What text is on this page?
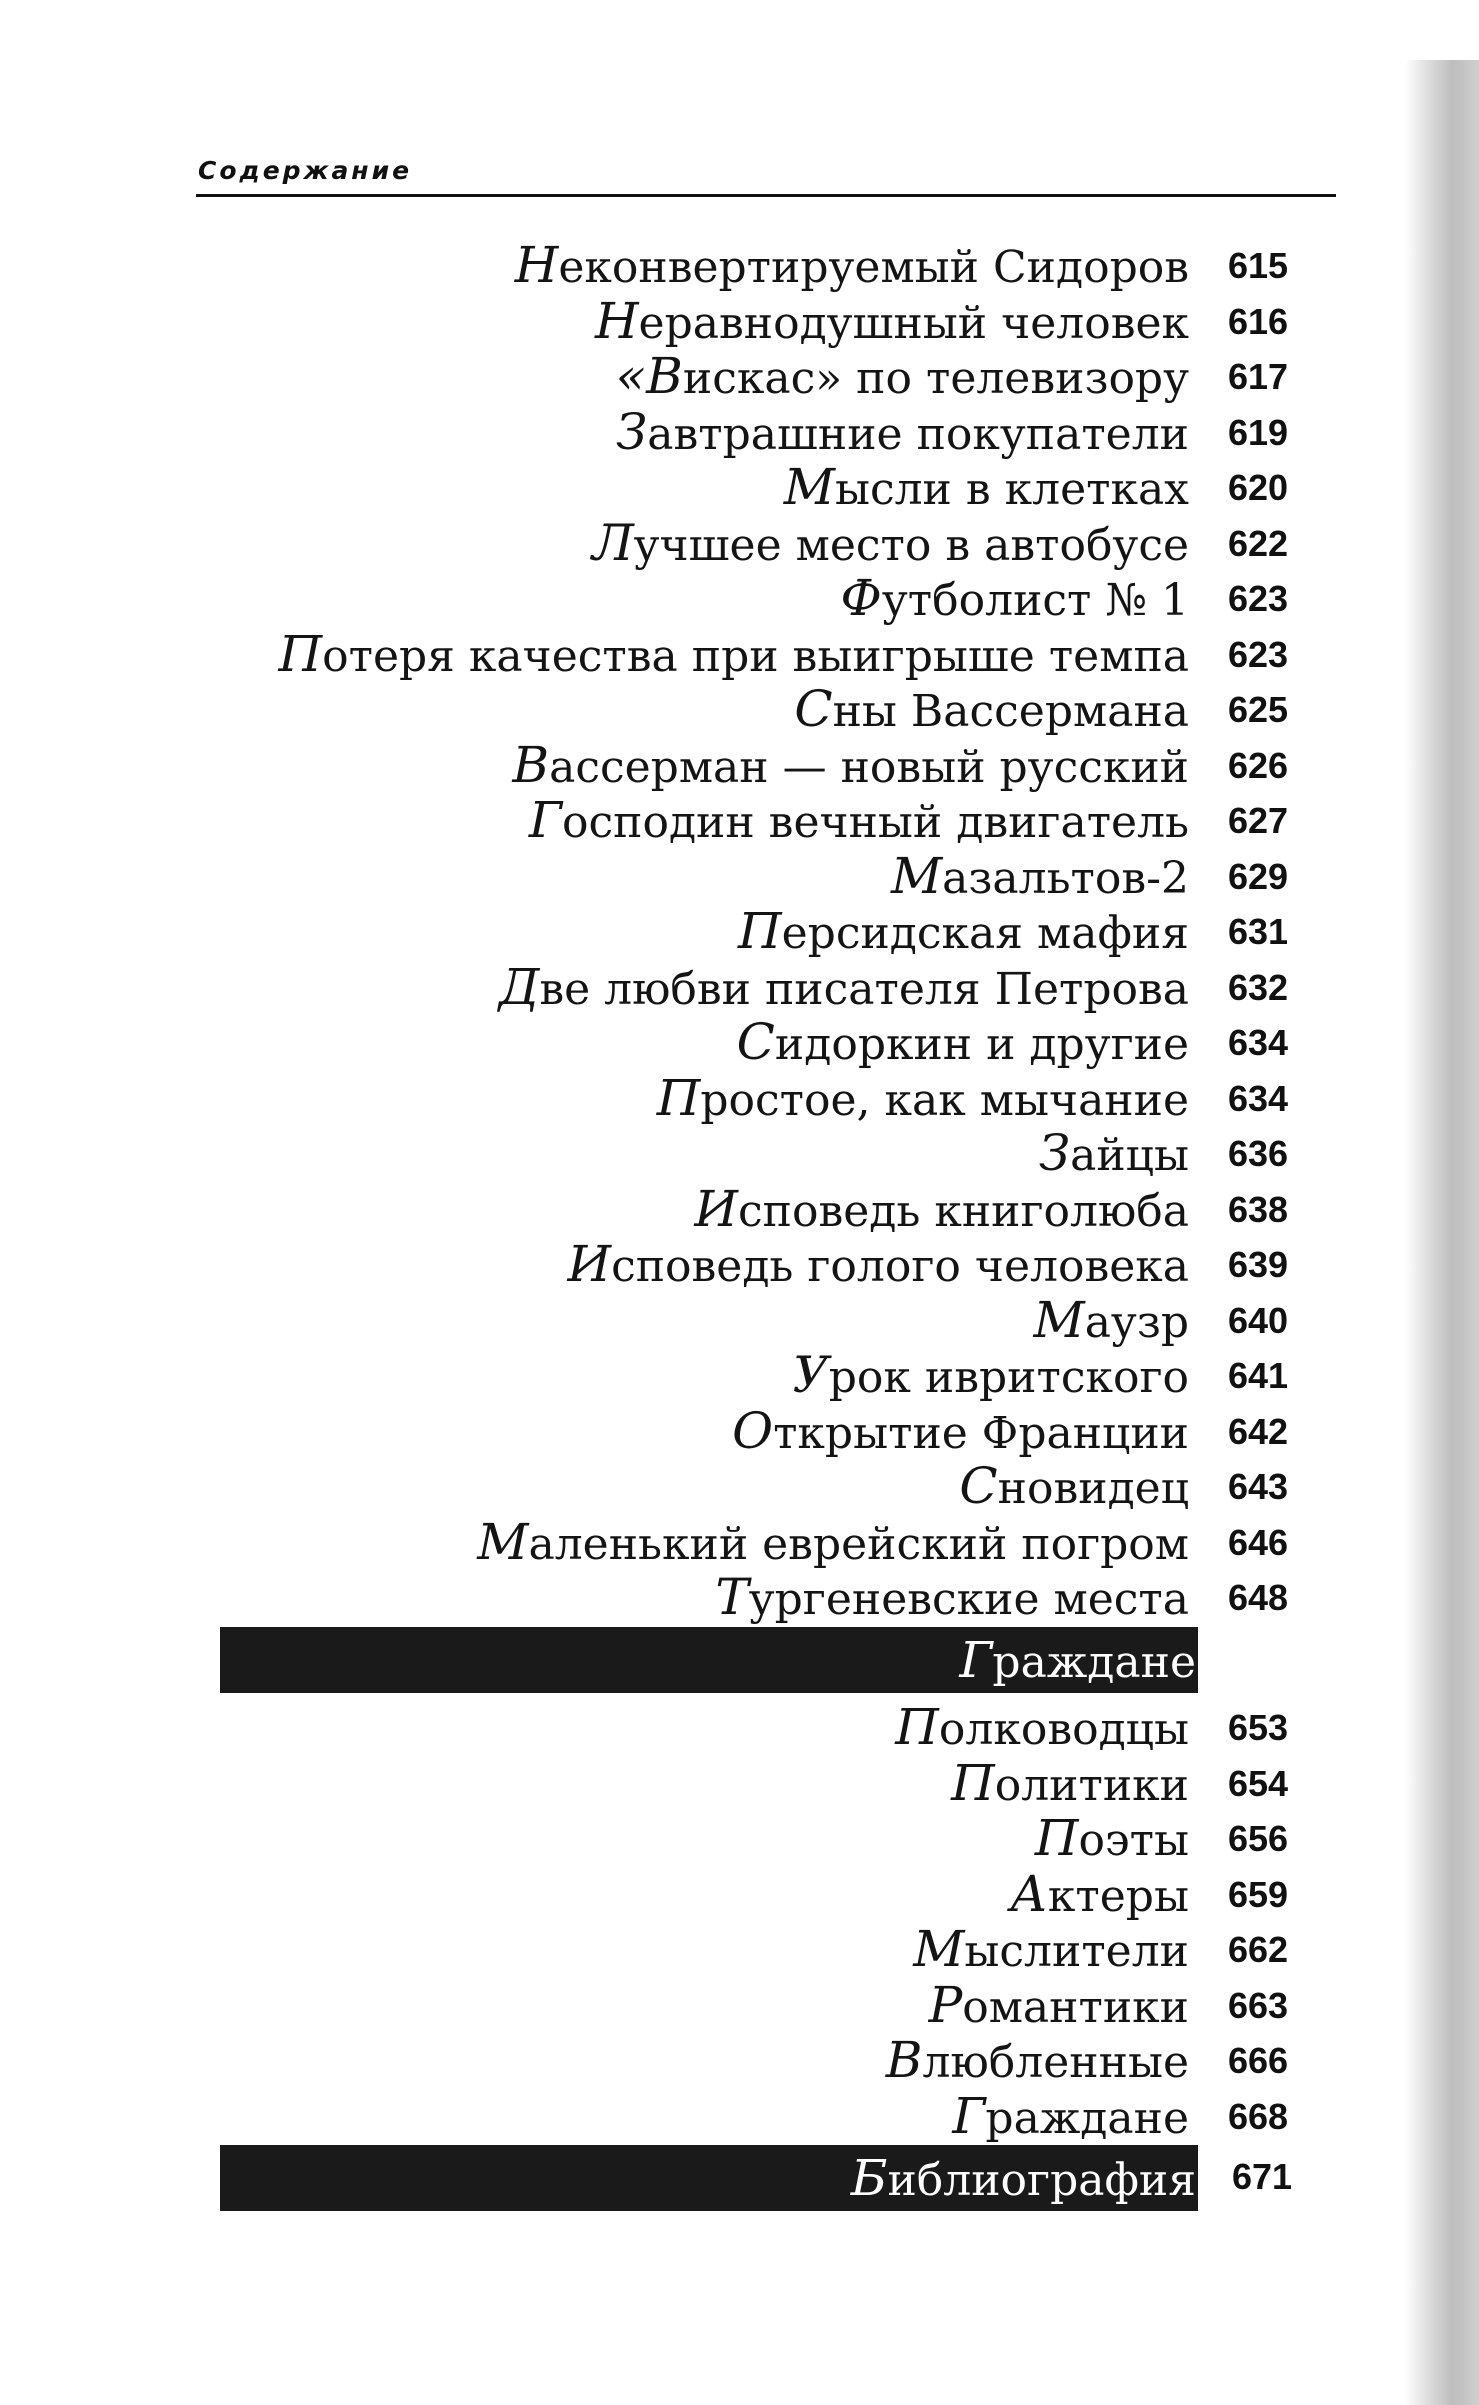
Содержание
Неконвертируемый Сидоров 615
Неравнодушный человек 616
«Вискас» по телевизору 617
Завтрашние покупатели 619
Мысли в клетках 620
Лучшее место в автобусе 622
Футболист № 1 623
Потеря качества при выигрыше темпа 623
Сны Вассермана 625
Вассерман — новый русский 626
Господин вечный двигатель 627
Мазальтов-2 629
Персидская мафия 631
Две любви писателя Петрова 632
Сидоркин и другие 634
Простое, как мычание 634
Зайцы 636
Исповедь книголюба 638
Исповедь голого человека 639
Маузр 640
Урок ивритского 641
Открытие Франции 642
Сновидец 643
Маленький еврейский погром 646
Тургеневские места 648
Граждане
Полководцы 653
Политики 654
Поэты 656
Актеры 659
Мыслители 662
Романтики 663
Влюбленные 666
Граждане 668
Библиография 671
